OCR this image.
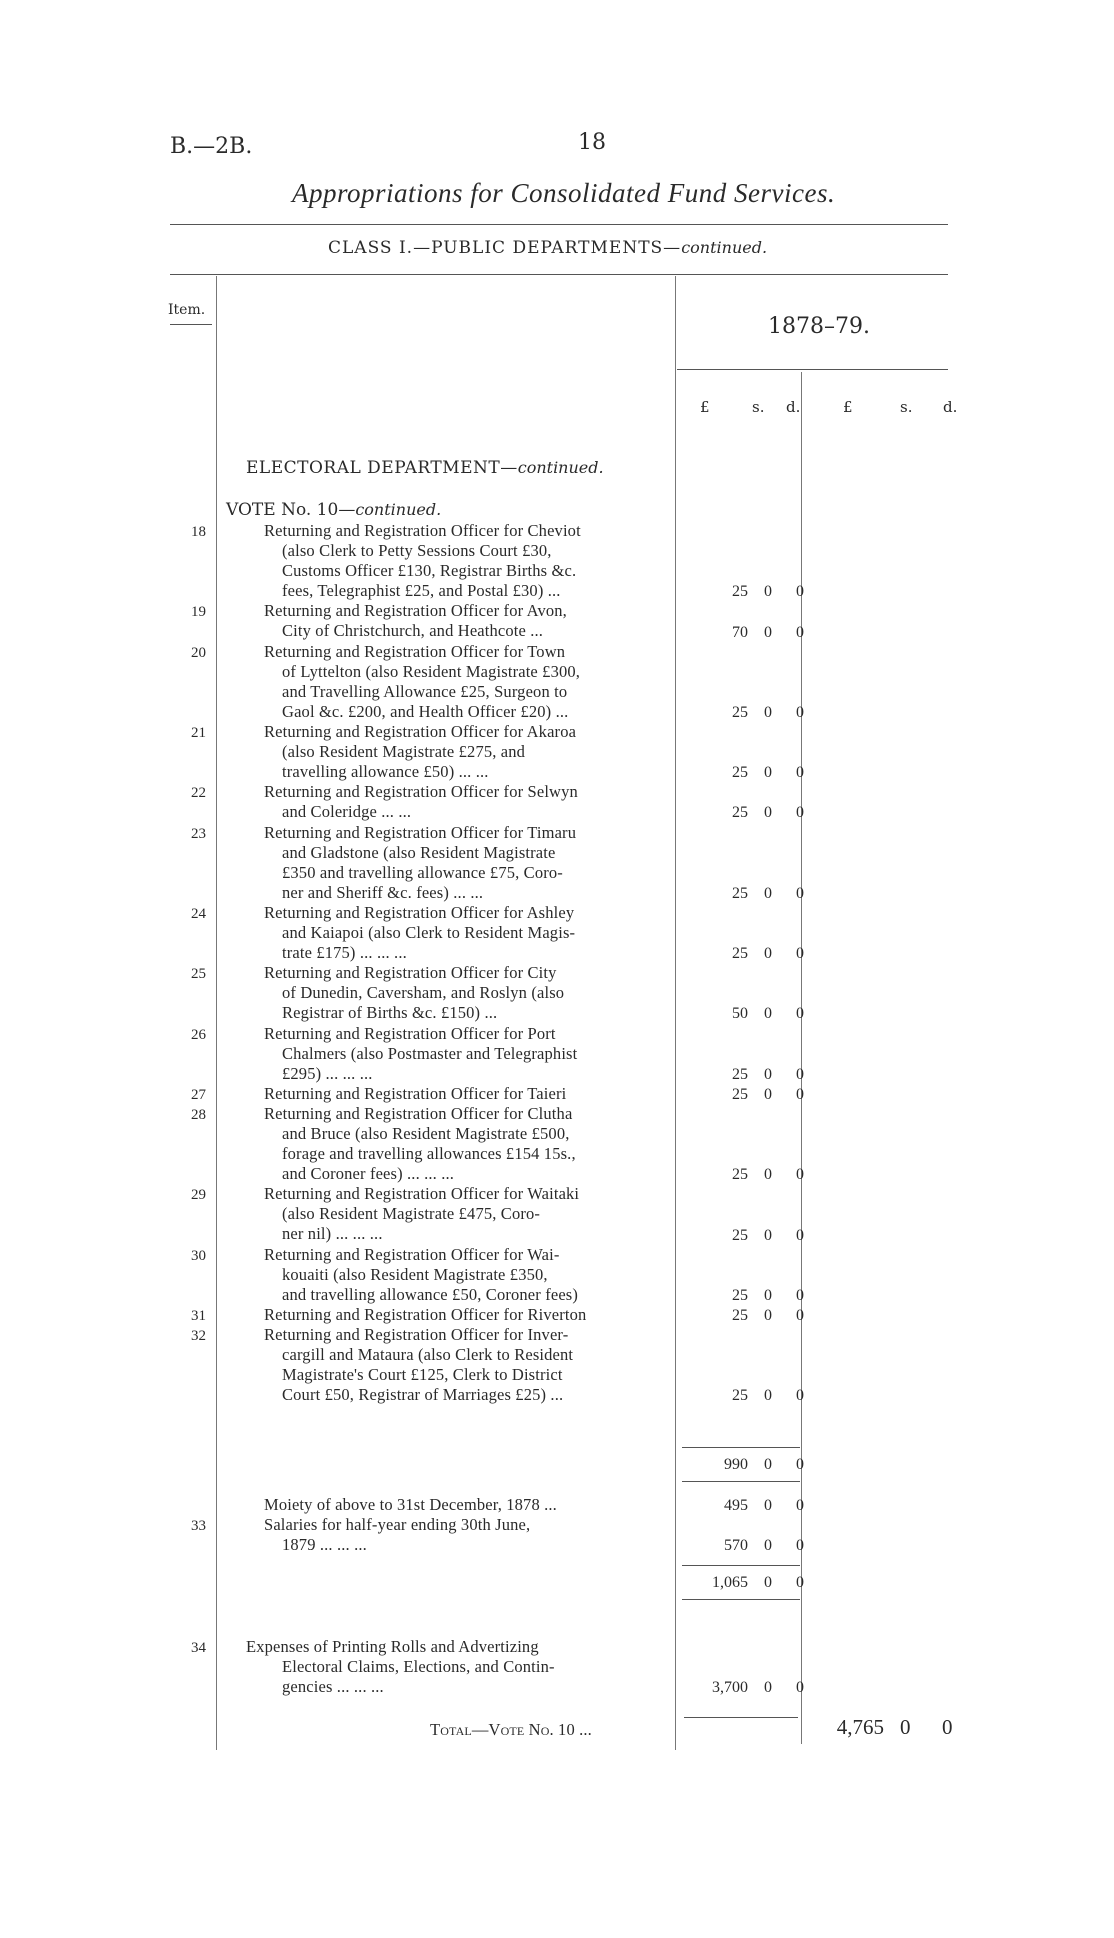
B.—2B.	18
Appropriations for Consolidated Fund Services.
CLASS I.—PUBLIC DEPARTMENTS—continued.
Item.
1878–79.
£	s. d.	£	s. d.
ELECTORAL DEPARTMENT—continued.
VOTE No. 10—continued.
18	Returning and Registration Officer for Cheviot
(also Clerk to Petty Sessions Court £30,
Customs Officer £130, Registrar Births &c.
fees, Telegraphist £25, and Postal £30) ...	25	0	0
19	Returning and Registration Officer for Avon,
City of Christchurch, and Heathcote ...	70	0	0
20	Returning and Registration Officer for Town
of Lyttelton (also Resident Magistrate £300,
and Travelling Allowance £25, Surgeon to
Gaol &c. £200, and Health Officer £20) ...	25	0	0
21	Returning and Registration Officer for Akaroa
(also Resident Magistrate £275, and
travelling allowance £50) ... ...	25	0	0
22	Returning and Registration Officer for Selwyn
and Coleridge ... ...	25	0	0
23	Returning and Registration Officer for Timaru
and Gladstone (also Resident Magistrate
£350 and travelling allowance £75, Coro-
ner and Sheriff &c. fees) ... ...	25	0	0
24	Returning and Registration Officer for Ashley
and Kaiapoi (also Clerk to Resident Magis-
trate £175) ... ... ...	25	0	0
25	Returning and Registration Officer for City
of Dunedin, Caversham, and Roslyn (also
Registrar of Births &c. £150) ...	50	0	0
26	Returning and Registration Officer for Port
Chalmers (also Postmaster and Telegraphist
£295) ... ... ...	25	0	0
27	Returning and Registration Officer for Taieri	25	0	0
28	Returning and Registration Officer for Clutha
and Bruce (also Resident Magistrate £500,
forage and travelling allowances £154 15s.,
and Coroner fees) ... ... ...	25	0	0
29	Returning and Registration Officer for Waitaki
(also Resident Magistrate £475, Coro-
ner nil) ... ... ...	25	0	0
30	Returning and Registration Officer for Wai-
kouaiti (also Resident Magistrate £350,
and travelling allowance £50, Coroner fees)	25	0	0
31	Returning and Registration Officer for Riverton	25	0	0
32	Returning and Registration Officer for Inver-
cargill and Mataura (also Clerk to Resident
Magistrate's Court £125, Clerk to District
Court £50, Registrar of Marriages £25) ...	25	0	0
990	0	0
Moiety of above to 31st December, 1878 ...	495	0	0
33	Salaries for half-year ending 30th June,
1879 ... ... ...	570	0	0
1,065	0	0
34 Expenses of Printing Rolls and Advertizing
Electoral Claims, Elections, and Contin-
gencies ... ... ...	3,700	0	0
Total—Vote No. 10 ...	4,765 0 0
